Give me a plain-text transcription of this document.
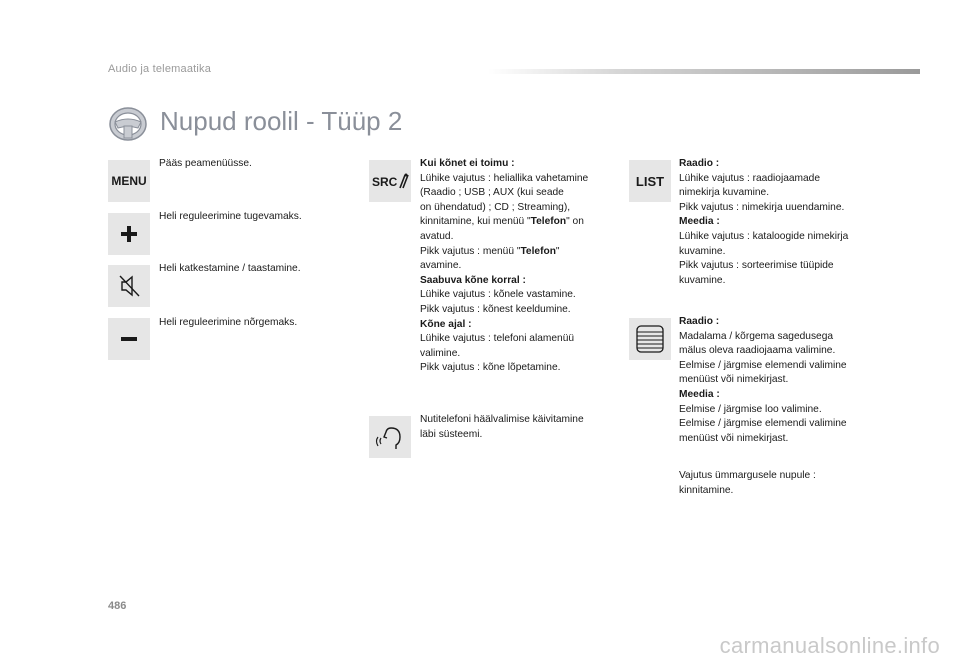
Audio ja telemaatika
Nupud roolil - Tüüp 2
MENU
Pääs peamenüüsse.
Heli reguleerimine tugevamaks.
Heli katkestamine / taastamine.
Heli reguleerimine nõrgemaks.
SRC
Kui kõnet ei toimu :
Lühike vajutus : heliallika vahetamine
(Raadio ; USB ; AUX (kui seade
on ühendatud) ; CD ; Streaming),
kinnitamine, kui menüü "Telefon" on
avatud.
Pikk vajutus : menüü "Telefon"
avamine.
Saabuva kõne korral :
Lühike vajutus : kõnele vastamine.
Pikk vajutus : kõnest keeldumine.
Kõne ajal :
Lühike vajutus : telefoni alamenüü
valimine.
Pikk vajutus : kõne lõpetamine.
Nutitelefoni häälvalimise käivitamine
läbi süsteemi.
LIST
Raadio :
Lühike vajutus : raadiojaamade
nimekirja kuvamine.
Pikk vajutus : nimekirja uuendamine.
Meedia :
Lühike vajutus : kataloogide nimekirja
kuvamine.
Pikk vajutus : sorteerimise tüüpide
kuvamine.
Raadio :
Madalama / kõrgema sagedusega
mälus oleva raadiojaama valimine.
Eelmise / järgmise elemendi valimine
menüüst või nimekirjast.
Meedia :
Eelmise / järgmise loo valimine.
Eelmise / järgmise elemendi valimine
menüüst või nimekirjast.
Vajutus ümmargusele nupule :
kinnitamine.
486
carmanualsonline.info
